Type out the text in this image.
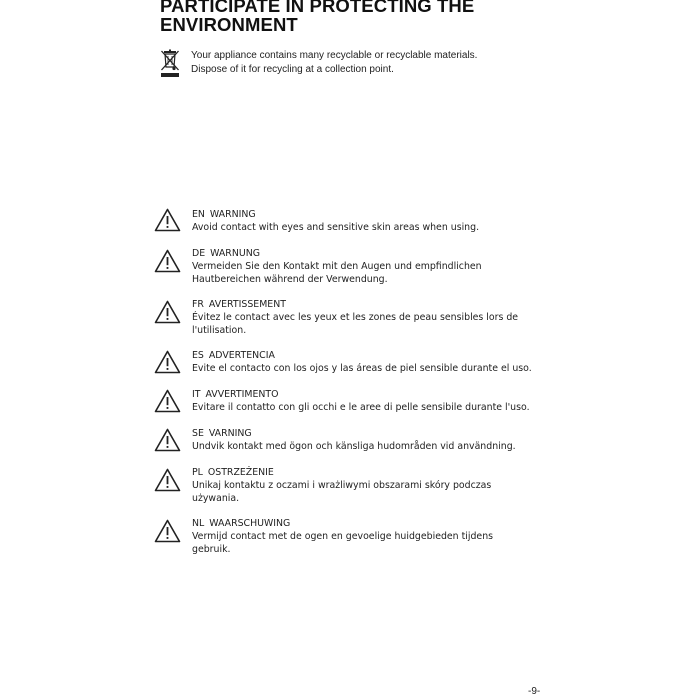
PARTICIPATE IN PROTECTING THE
ENVIRONMENT
Your appliance contains many recyclable or recyclable materials.
Dispose of it for recycling at a collection point.
EN WARNING
Avoid contact with eyes and sensitive skin areas when using.
DE WARNUNG
Vermeiden Sie den Kontakt mit den Augen und empfindlichen
Hautbereichen während der Verwendung.
FR AVERTISSEMENT
Évitez le contact avec les yeux et les zones de peau sensibles lors de
l'utilisation.
ES ADVERTENCIA
Evite el contacto con los ojos y las áreas de piel sensible durante el uso.
IT AVVERTIMENTO
Evitare il contatto con gli occhi e le aree di pelle sensibile durante l'uso.
SE VARNING
Undvik kontakt med ögon och känsliga hudområden vid användning.
PL OSTRZEŻENIE
Unikaj kontaktu z oczami i wrażliwymi obszarami skóry podczas
używania.
NL WAARSCHUWING
Vermijd contact met de ogen en gevoelige huidgebieden tijdens
gebruik.
-9-
